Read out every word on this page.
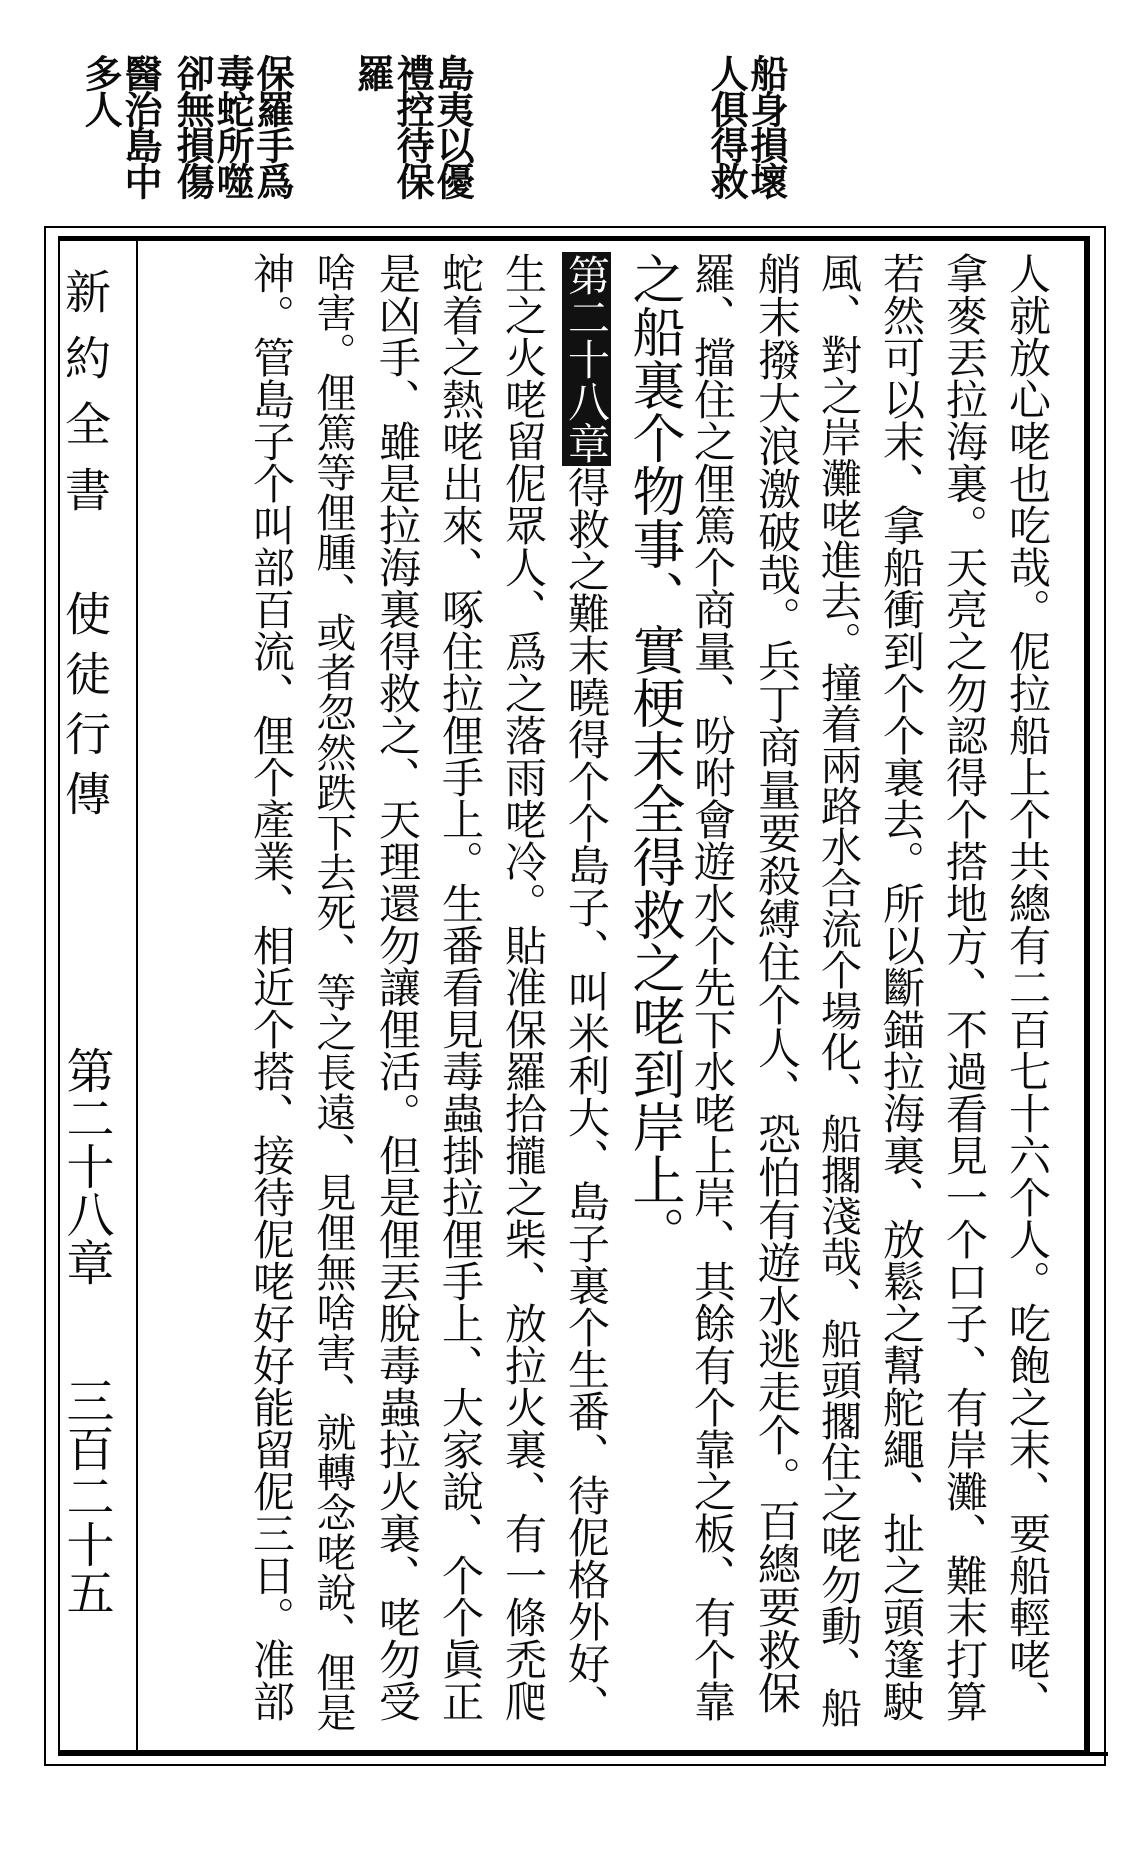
船身損壞人俱得救
島夷以優禮控待保羅
保羅手爲毒蛇所噬卻無損傷
醫治島中多人
人就放心咾也吃哉。伲拉船上个共總有二百七十六个人。吃飽之末、要船輕咾、
拿麥丟拉海裏。天亮之勿認得个搭地方、不過看見一个口子、有岸灘、難末打算
若然可以末、拿船衝到个个裏去。所以斷錨拉海裏、放鬆之幫舵繩、扯之頭篷駛
風、對之岸灘咾進去。撞着兩路水合流个場化、船擱淺哉、船頭擱住之咾勿動、船
艄末撥大浪激破哉。兵丁商量要殺縛住个人、恐怕有遊水逃走个。百總要救保
羅、擋住之俚篤个商量、吩咐會遊水个先下水咾上岸、其餘有个靠之板、有个靠
之船裏个物事、實梗末全得救之咾到岸上。
第二十八章得救之難末曉得个个島子、叫米利大、島子裏个生番、待伲格外好、
生之火咾留伲眾人、爲之落雨咾冷。貼准保羅拾攏之柴、放拉火裏、有一條禿爬
蛇着之熱咾出來、啄住拉俚手上。生番看見毒蟲掛拉俚手上、大家說、个个眞正
是凶手、雖是拉海裏得救之、天理還勿讓俚活。但是俚丟脫毒蟲拉火裏、咾勿受
啥害。俚篤等俚腫、或者忽然跌下去死、等之長遠、見俚無啥害、就轉念咾說、俚是
神。管島子个叫部百流、俚个產業、相近个搭、接待伲咾好好能留伲三日。准部
新約全書
使徒行傳
第二十八章
三百二十五
